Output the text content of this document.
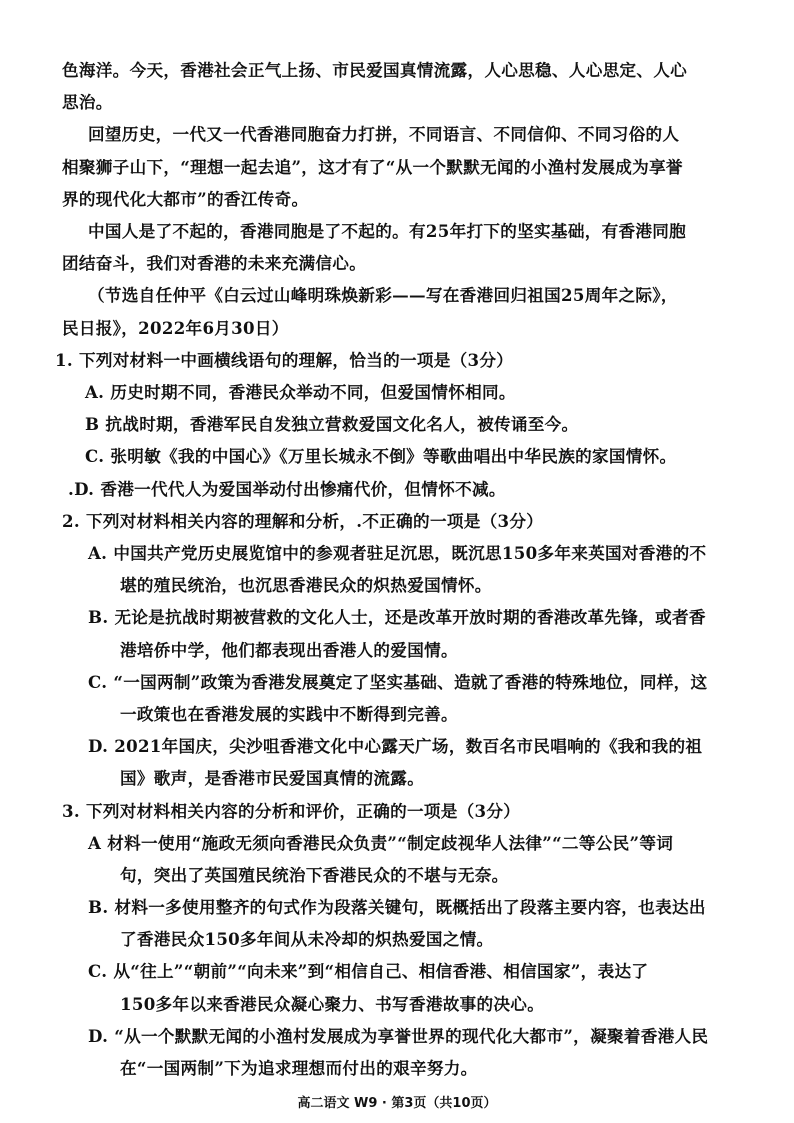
色海洋。今天，香港社会正气上扬、市民爱国真情流露，人心思稳、人心思定、人心
思治。
回望历史，一代又一代香港同胞奋力打拼，不同语言、不同信仰、不同习俗的人
相聚狮子山下，“理想一起去追”，这才有了“从一个默默无闻的小渔村发展成为享誉
界的现代化大都市”的香江传奇。
中国人是了不起的，香港同胞是了不起的。有25年打下的坚实基础，有香港同胞
团结奋斗，我们对香港的未来充满信心。
（节选自任仲平《白云过山峰明珠焕新彩——写在香港回归祖国25周年之际》，
民日报》，2022年6月30日）
1. 下列对材料一中画横线语句的理解，恰当的一项是（3分）
A. 历史时期不同，香港民众举动不同，但爱国情怀相同。
B 抗战时期，香港军民自发独立营救爱国文化名人，被传诵至今。
C. 张明敏《我的中国心》《万里长城永不倒》等歌曲唱出中华民族的家国情怀。
.D. 香港一代代人为爱国举动付出惨痛代价，但情怀不减。
2. 下列对材料相关内容的理解和分析，.不正确的一项是（3分）
A. 中国共产党历史展览馆中的参观者驻足沉思，既沉思150多年来英国对香港的不
堪的殖民统治，也沉思香港民众的炽热爱国情怀。
B. 无论是抗战时期被营救的文化人士，还是改革开放时期的香港改革先锋，或者香
港培侨中学，他们都表现出香港人的爱国情。
C. “一国两制”政策为香港发展奠定了坚实基础、造就了香港的特殊地位，同样，这
一政策也在香港发展的实践中不断得到完善。
D. 2021年国庆，尖沙咀香港文化中心露天广场，数百名市民唱响的《我和我的祖
国》歌声，是香港市民爱国真情的流露。
3. 下列对材料相关内容的分析和评价，正确的一项是（3分）
A 材料一使用“施政无须向香港民众负责”“制定歧视华人法律”“二等公民”等词
句，突出了英国殖民统治下香港民众的不堪与无奈。
B. 材料一多使用整齐的句式作为段落关键句，既概括出了段落主要内容，也表达出
了香港民众150多年间从未冷却的炽热爱国之情。
C. 从“往上”“朝前”“向未来”到“相信自己、相信香港、相信国家”，表达了
150多年以来香港民众凝心聚力、书写香港故事的决心。
D. “从一个默默无闻的小渔村发展成为享誉世界的现代化大都市”，凝聚着香港人民
在“一国两制”下为追求理想而付出的艰辛努力。
高二语文 W9 · 第3页（共10页）
